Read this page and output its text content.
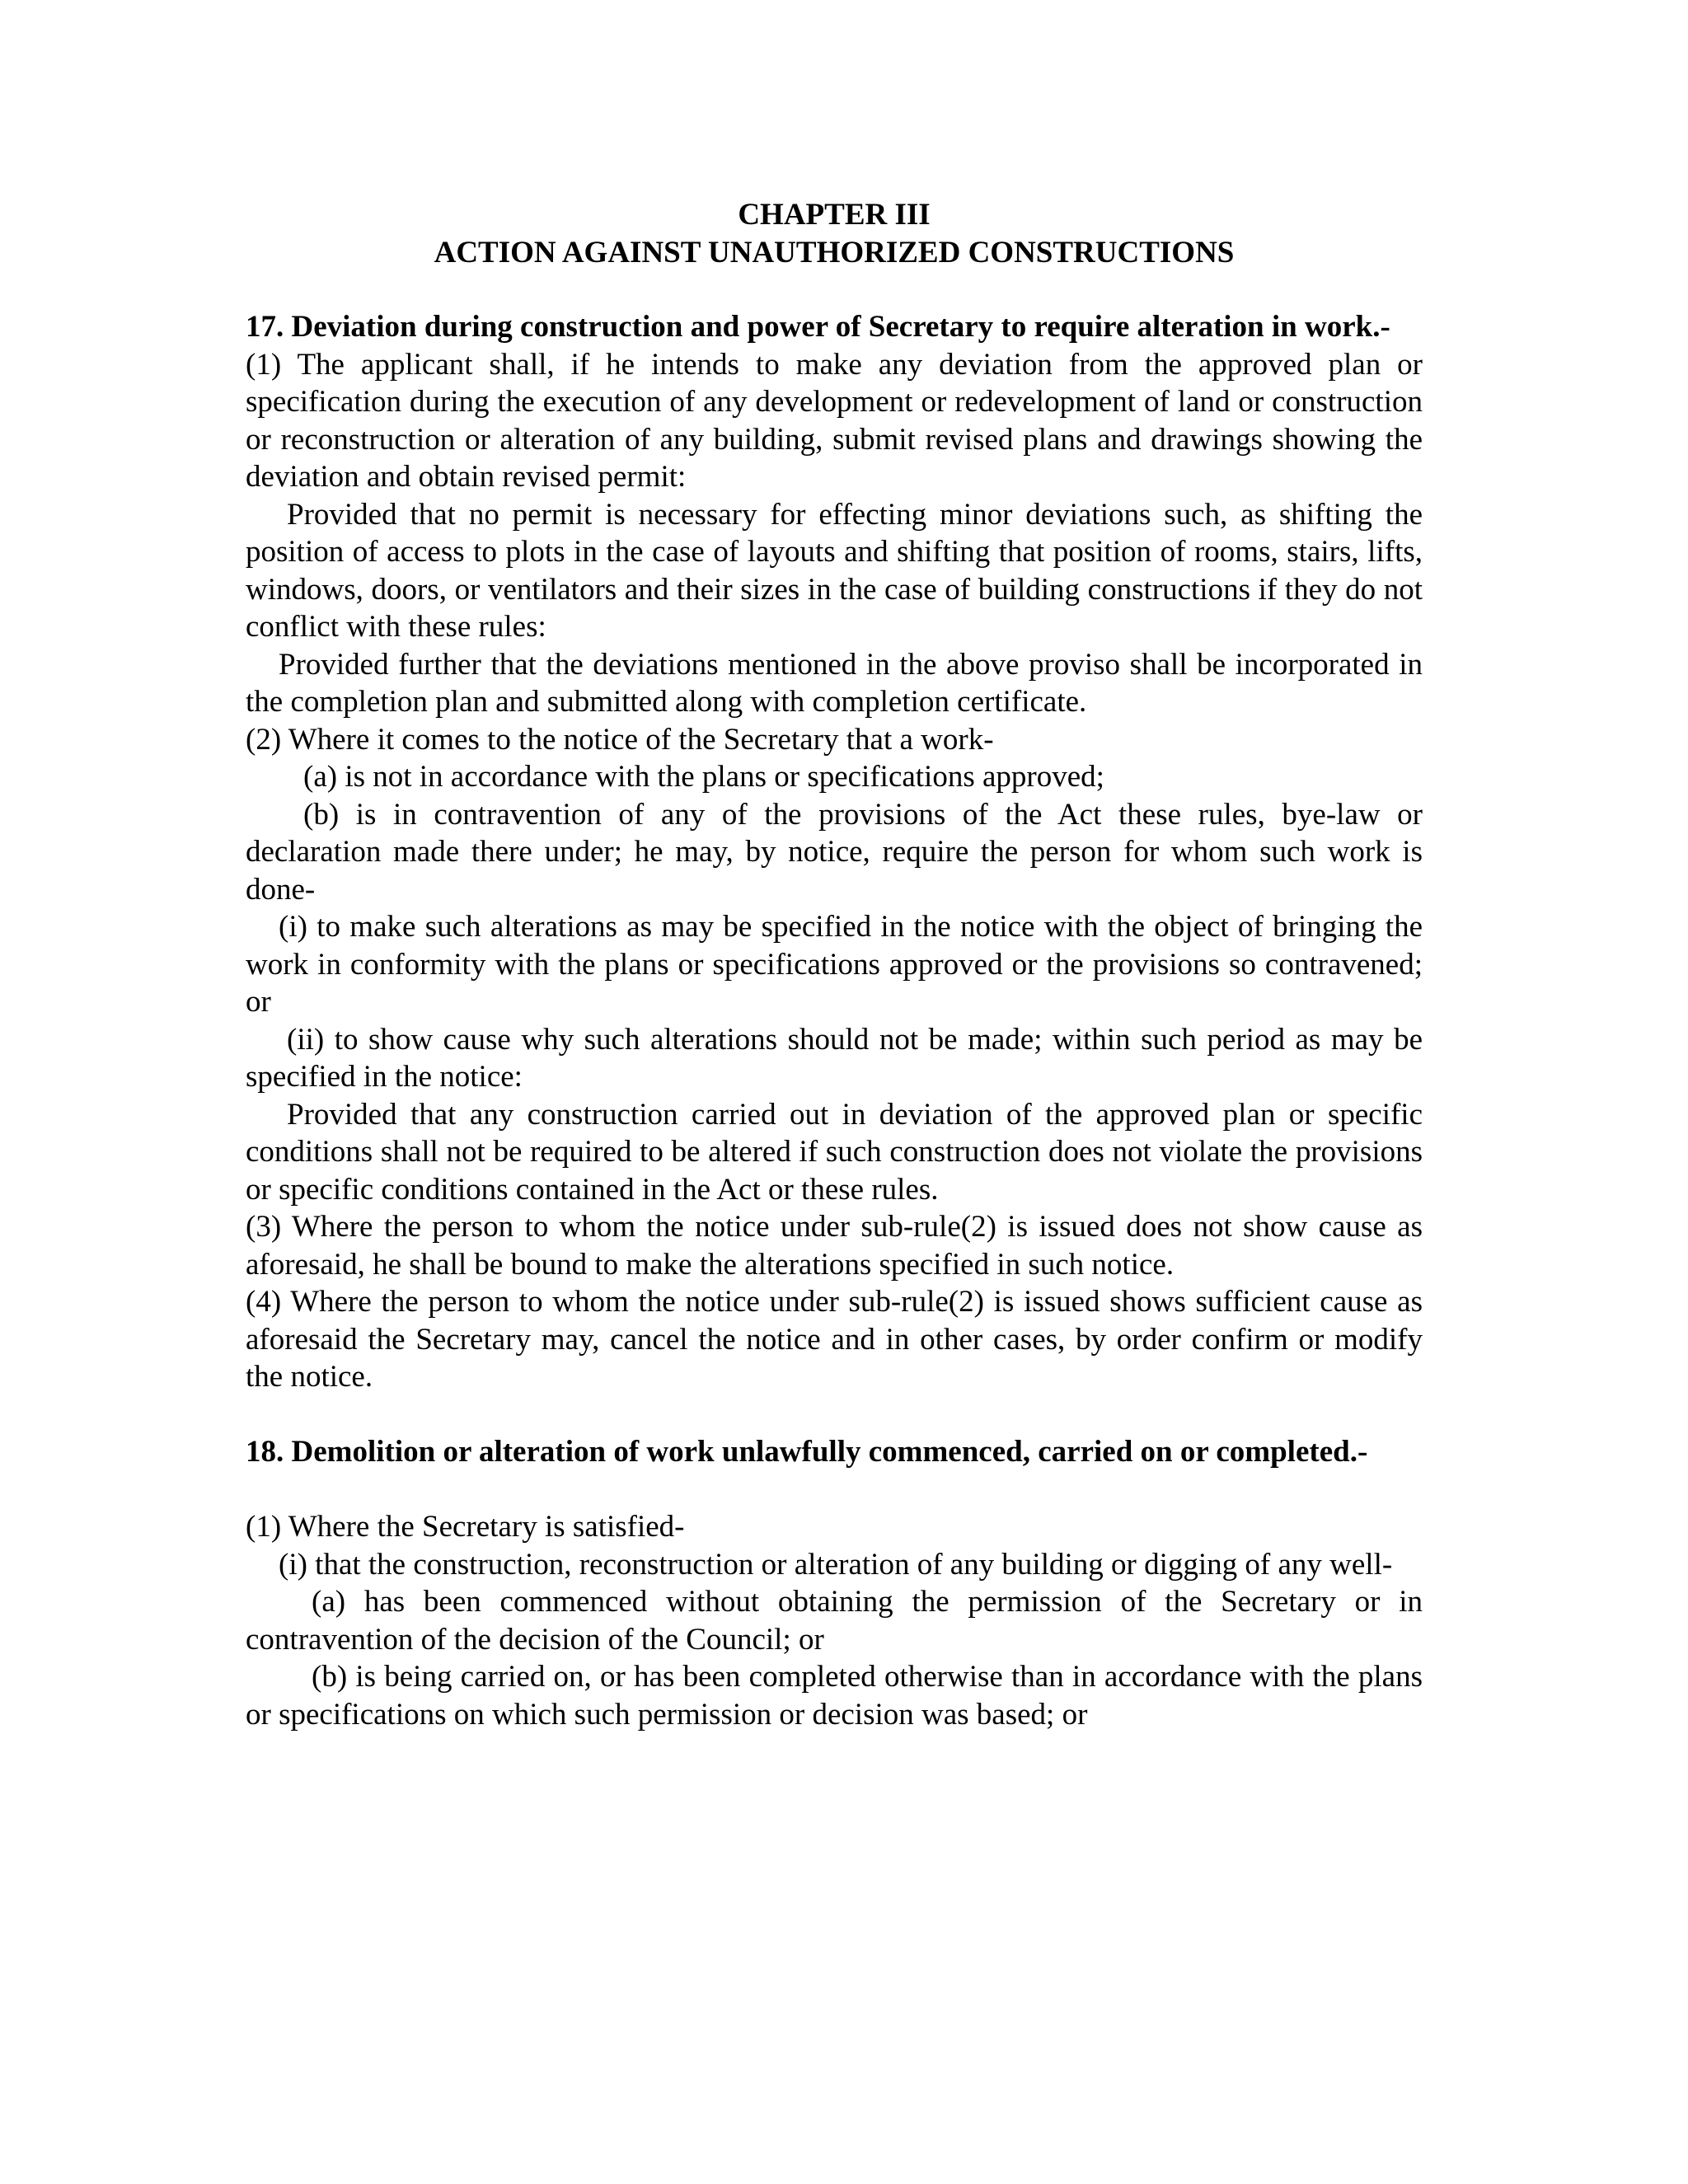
CHAPTER III

ACTION AGAINST UNAUTHORIZED CONSTRUCTIONS

17. Deviation during construction and power of Secretary to require alteration in work.-

(1) The applicant shall, if he intends to make any deviation from the approved plan or specification during the execution of any development or redevelopment of land or construction or reconstruction or alteration of any building, submit revised plans and drawings showing the deviation and obtain revised permit:

Provided that no permit is necessary for effecting minor deviations such, as shifting the position of access to plots in the case of layouts and shifting that position of rooms, stairs, lifts, windows, doors, or ventilators and their sizes in the case of building constructions if they do not conflict with these rules:

Provided further that the deviations mentioned in the above proviso shall be incorporated in the completion plan and submitted along with completion certificate.

(2) Where it comes to the notice of the Secretary that a work-

(a) is not in accordance with the plans or specifications approved;

(b) is in contravention of any of the provisions of the Act these rules, bye-law or declaration made there under; he may, by notice, require the person for whom such work is done-

(i) to make such alterations as may be specified in the notice with the object of bringing the work in conformity with the plans or specifications approved or the provisions so contravened; or

(ii) to show cause why such alterations should not be made; within such period as may be specified in the notice:

Provided that any construction carried out in deviation of the approved plan or specific conditions shall not be required to be altered if such construction does not violate the provisions or specific conditions contained in the Act or these rules.

(3) Where the person to whom the notice under sub-rule(2) is issued does not show cause as aforesaid, he shall be bound to make the alterations specified in such notice.

(4) Where the person to whom the notice under sub-rule(2) is issued shows sufficient cause as aforesaid the Secretary may, cancel the notice and in other cases, by order confirm or modify the notice.

18. Demolition or alteration of work unlawfully commenced, carried on or completed.-

(1) Where the Secretary is satisfied-

(i) that the construction, reconstruction or alteration of any building or digging of any well-

(a) has been commenced without obtaining the permission of the Secretary or in contravention of the decision of the Council; or

(b) is being carried on, or has been completed otherwise than in accordance with the plans or specifications on which such permission or decision was based; or
